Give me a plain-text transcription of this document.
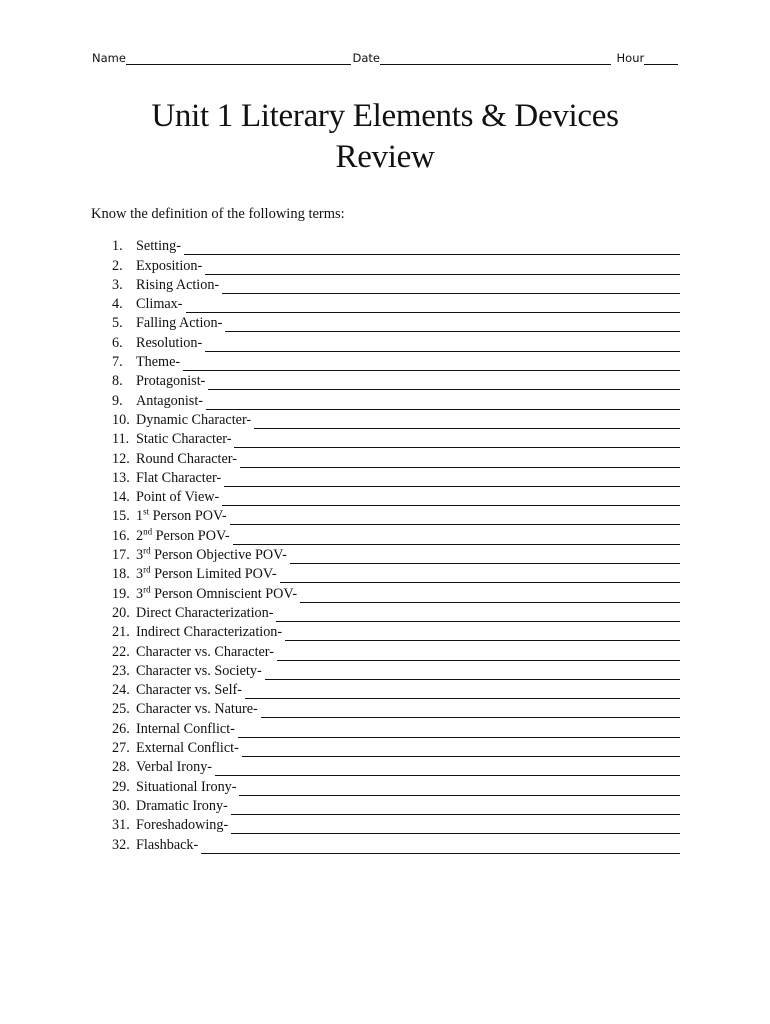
Name	Date	Hour
Unit 1 Literary Elements & Devices
Review
Know the definition of the following terms:
1. Setting-
2. Exposition-
3. Rising Action-
4. Climax-
5. Falling Action-
6. Resolution-
7. Theme-
8. Protagonist-
9. Antagonist-
10. Dynamic Character-
11. Static Character-
12. Round Character-
13. Flat Character-
14. Point of View-
15. 1st Person POV-
16. 2nd Person POV-
17. 3rd Person Objective POV-
18. 3rd Person Limited POV-
19. 3rd Person Omniscient POV-
20. Direct Characterization-
21. Indirect Characterization-
22. Character vs. Character-
23. Character vs. Society-
24. Character vs. Self-
25. Character vs. Nature-
26. Internal Conflict-
27. External Conflict-
28. Verbal Irony-
29. Situational Irony-
30. Dramatic Irony-
31. Foreshadowing-
32. Flashback-
